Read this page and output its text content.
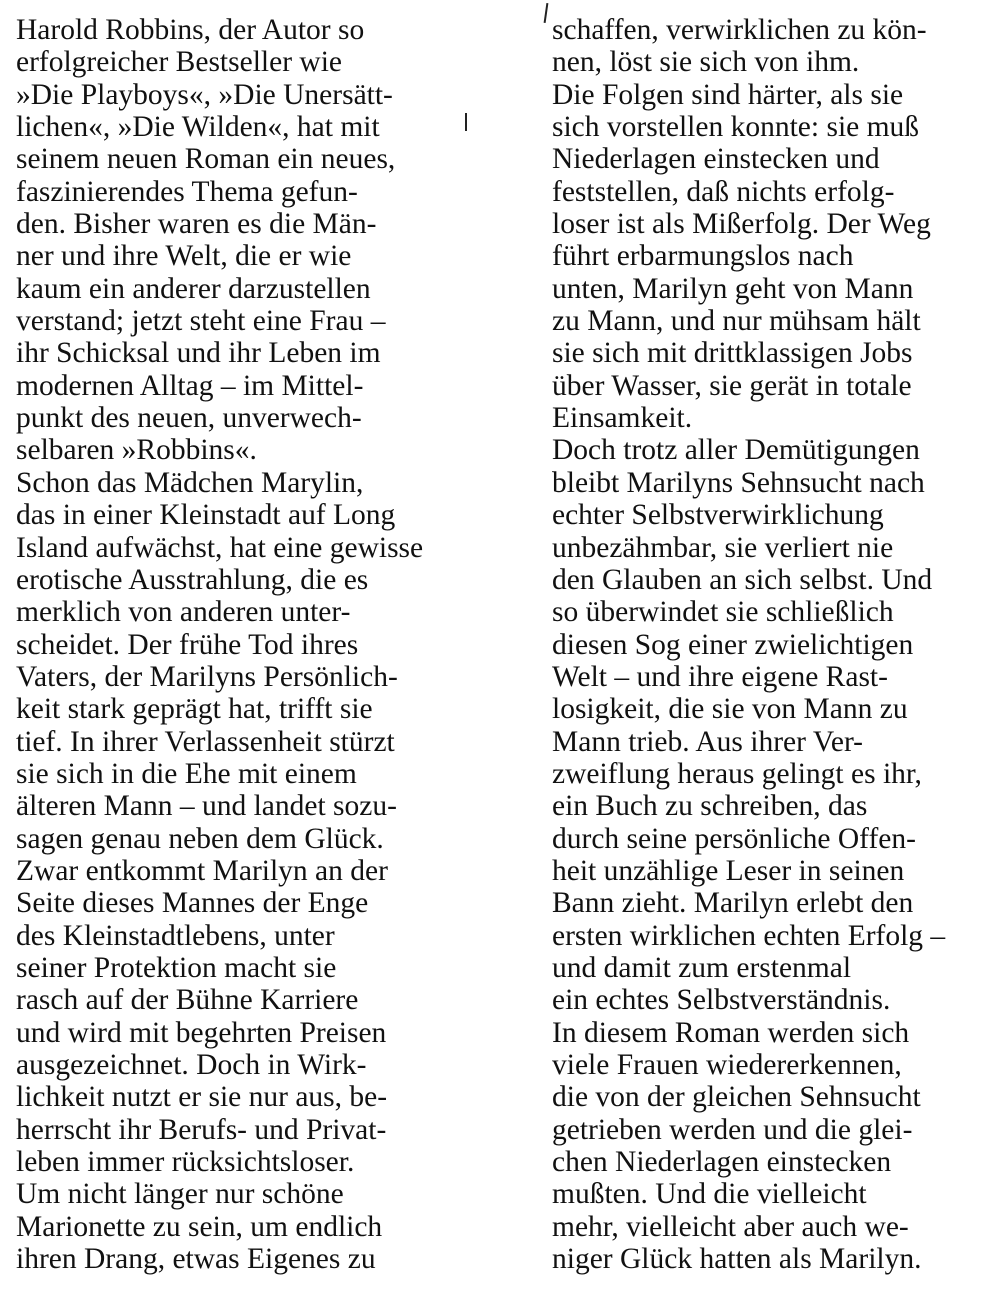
Harold Robbins, der Autor so
erfolgreicher Bestseller wie
»Die Playboys«, »Die Unersätt-
lichen«, »Die Wilden«, hat mit
seinem neuen Roman ein neues,
faszinierendes Thema gefun-
den. Bisher waren es die Män-
ner und ihre Welt, die er wie
kaum ein anderer darzustellen
verstand; jetzt steht eine Frau –
ihr Schicksal und ihr Leben im
modernen Alltag – im Mittel-
punkt des neuen, unverwech-
selbaren »Robbins«.
Schon das Mädchen Marylin,
das in einer Kleinstadt auf Long
Island aufwächst, hat eine gewisse
erotische Ausstrahlung, die es
merklich von anderen unter-
scheidet. Der frühe Tod ihres
Vaters, der Marilyns Persönlich-
keit stark geprägt hat, trifft sie
tief. In ihrer Verlassenheit stürzt
sie sich in die Ehe mit einem
älteren Mann – und landet sozu-
sagen genau neben dem Glück.
Zwar entkommt Marilyn an der
Seite dieses Mannes der Enge
des Kleinstadtlebens, unter
seiner Protektion macht sie
rasch auf der Bühne Karriere
und wird mit begehrten Preisen
ausgezeichnet. Doch in Wirk-
lichkeit nutzt er sie nur aus, be-
herrscht ihr Berufs- und Privat-
leben immer rücksichtsloser.
Um nicht länger nur schöne
Marionette zu sein, um endlich
ihren Drang, etwas Eigenes zu
schaffen, verwirklichen zu kön-
nen, löst sie sich von ihm.
Die Folgen sind härter, als sie
sich vorstellen konnte: sie muß
Niederlagen einstecken und
feststellen, daß nichts erfolg-
loser ist als Mißerfolg. Der Weg
führt erbarmungslos nach
unten, Marilyn geht von Mann
zu Mann, und nur mühsam hält
sie sich mit drittklassigen Jobs
über Wasser, sie gerät in totale
Einsamkeit.
Doch trotz aller Demütigungen
bleibt Marilyns Sehnsucht nach
echter Selbstverwirklichung
unbezähmbar, sie verliert nie
den Glauben an sich selbst. Und
so überwindet sie schließlich
diesen Sog einer zwielichtigen
Welt – und ihre eigene Rast-
losigkeit, die sie von Mann zu
Mann trieb. Aus ihrer Ver-
zweiflung heraus gelingt es ihr,
ein Buch zu schreiben, das
durch seine persönliche Offen-
heit unzählige Leser in seinen
Bann zieht. Marilyn erlebt den
ersten wirklichen echten Erfolg –
und damit zum erstenmal
ein echtes Selbstverständnis.
In diesem Roman werden sich
viele Frauen wiedererkennen,
die von der gleichen Sehnsucht
getrieben werden und die glei-
chen Niederlagen einstecken
mußten. Und die vielleicht
mehr, vielleicht aber auch we-
niger Glück hatten als Marilyn.
